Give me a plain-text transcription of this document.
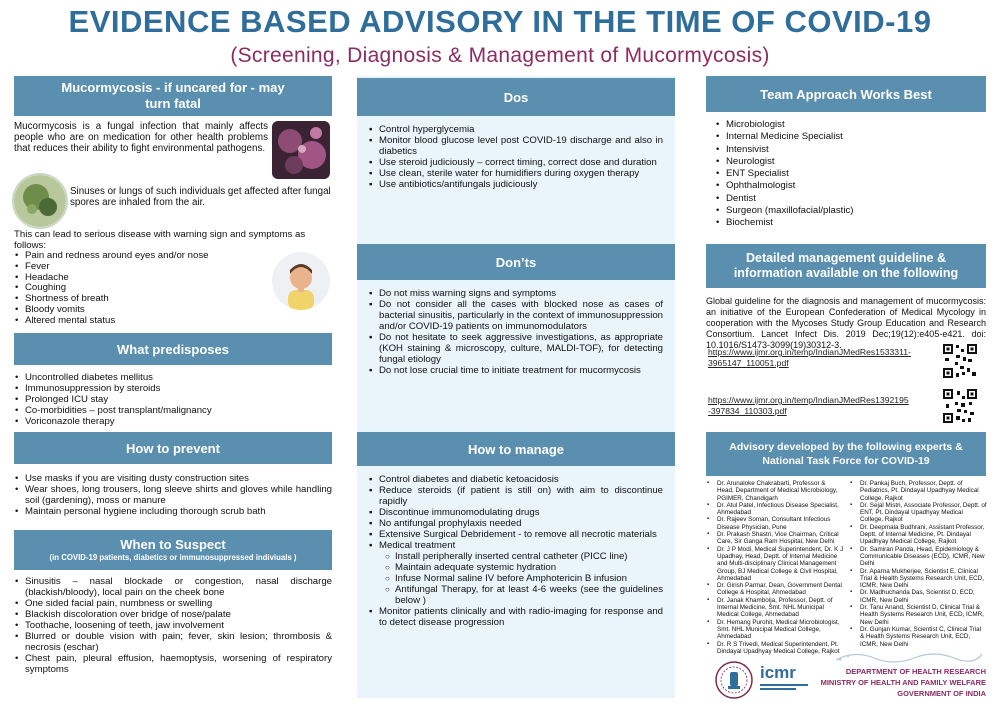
EVIDENCE BASED ADVISORY IN THE TIME OF COVID-19
(Screening, Diagnosis & Management of Mucormycosis)
Mucormycosis - if uncared for - may
turn fatal
Mucormycosis is a fungal infection that mainly affects people who are on medication for other health problems that reduces their ability to fight environmental pathogens.
Sinuses or lungs of such individuals get affected after fungal spores are inhaled from the air.
This can lead to serious disease with warning sign and symptoms as follows:
• Pain and redness around eyes and/or nose
• Fever
• Headache
• Coughing
• Shortness of breath
• Bloody vomits
• Altered mental status
What predisposes
• Uncontrolled diabetes mellitus
• Immunosuppression by steroids
• Prolonged ICU stay
• Co-morbidities – post transplant/malignancy
• Voriconazole therapy
How to prevent
• Use masks if you are visiting dusty construction sites
• Wear shoes, long trousers, long sleeve shirts and gloves while handling soil (gardening), moss or manure
• Maintain personal hygiene including thorough scrub bath
When to Suspect
(in COVID-19 patients, diabetics or immunosuppressed indiviuals )
• Sinusitis – nasal blockade or congestion, nasal discharge (blackish/bloody), local pain on the cheek bone
• One sided facial pain, numbness or swelling
• Blackish discoloration over bridge of nose/palate
• Toothache, loosening of teeth, jaw involvement
• Blurred or double vision with pain; fever, skin lesion; thrombosis & necrosis (eschar)
• Chest pain, pleural effusion, haemoptysis, worsening of respiratory symptoms
Dos
▪ Control hyperglycemia
▪ Monitor blood glucose level post COVID-19 discharge and also in diabetics
▪ Use steroid judiciously – correct timing, correct dose and duration
▪ Use clean, sterile water for humidifiers during oxygen therapy
▪ Use antibiotics/antifungals judiciously
Don’ts
▪ Do not miss warning signs and symptoms
▪ Do not consider all the cases with blocked nose as cases of bacterial sinusitis, particularly in the context of immunosuppression and/or COVID-19 patients on immunomodulators
▪ Do not hesitate to seek aggressive investigations, as appropriate (KOH staining & microscopy, culture, MALDI-TOF), for detecting fungal etiology
▪ Do not lose crucial time to initiate treatment for mucormycosis
How to manage
▪ Control diabetes and diabetic ketoacidosis
▪ Reduce steroids (if patient is still on) with aim to discontinue rapidly
▪ Discontinue immunomodulating drugs
▪ No antifungal prophylaxis needed
▪ Extensive Surgical Debridement - to remove all necrotic materials
▪ Medical treatment
○ Install peripherally inserted central catheter (PICC line)
○ Maintain adequate systemic hydration
○ Infuse Normal saline IV before Amphotericin B infusion
○ Antifungal Therapy, for at least 4-6 weeks (see the guidelines below )
▪ Monitor patients clinically and with radio-imaging for response and to detect disease progression
Team Approach Works Best
• Microbiologist
• Internal Medicine Specialist
• Intensivist
• Neurologist
• ENT Specialist
• Ophthalmologist
• Dentist
• Surgeon (maxillofacial/plastic)
• Biochemist
Detailed management guideline &
information available on the following
Global guideline for the diagnosis and management of mucormycosis: an initiative of the European Confederation of Medical Mycology in cooperation with the Mycoses Study Group Education and Research Consortium. Lancet Infect Dis. 2019 Dec;19(12):e405-e421. doi: 10.1016/S1473-3099(19)30312-3.
https://www.ijmr.org.in/temp/IndianJMedRes1533311-
3965147_110051.pdf
https://www.ijmr.org.in/temp/IndianJMedRes1392195
-397834_110303.pdf
Advisory developed by the following experts &
National Task Force for COVID-19
▪ Dr. Arunaloke Chakrabarti, Professor & Head, Department of Medical Microbiology, PGIMER, Chandigarh
▪ Dr. Atul Patel, Infectious Disease Specialist, Ahmedabad
▪ Dr. Rajeev Soman, Consultant Infectious Disease Physician, Pune
▪ Dr. Prakash Shastri, Vice Chairman, Critical Care, Sir Ganga Ram Hospital, New Delhi
▪ Dr. J P Modi, Medical Superintendent, Dr. K J Upadhay, Head, Deptt. of Internal Medicine and Multi-disciplinary Clinical Management Group, BJ Medical College & Civil Hospital, Ahmedabad
▪ Dr. Girish Parmar, Dean, Government Dental College & Hospital, Ahmedabad
▪ Dr. Janak Khambolja, Professor, Deptt. of Internal Medicine, Smt. NHL Municipal Medical College, Ahmedabad
▪ Dr. Hemang Purohit, Medical Microbiologist, Smt. NHL Municipal Medical College, Ahmedabad
▪ Dr. R S Trivedi, Medical Superintendent, Pt. Dindayal Upadhyay Medical College, Rajkot
▪ Dr. Pankaj Buch, Professor, Deptt. of Pediatrics, Pt. Dindayal Upadhyay Medical College, Rajkot
▪ Dr. Sejal Mistri, Associate Professor, Deptt. of ENT, Pt. Dindayal Upadhyay Medical College, Rajkot
▪ Dr. Deepmala Budhrani, Assistant Professor, Deptt. of Internal Medicine, Pt. Dindayal Upadhyay Medical College, Rajkot
▪ Dr. Samiran Panda, Head, Epidemiology & Communicable Diseases (ECD), ICMR, New Delhi
▪ Dr. Aparna Mukherjee, Scientist E, Clinical Trial & Health Systems Research Unit, ECD, ICMR, New Delhi
▪ Dr. Madhuchanda Das, Scientist D, ECD, ICMR, New Delhi
▪ Dr. Tanu Anand, Scientist D, Clinical Trial & Health Systems Research Unit, ECD, ICMR, New Delhi
▪ Dr. Gunjan Kumar, Scientist C, Clinical Trial & Health Systems Research Unit, ECD, ICMR, New Delhi
icmr	DEPARTMENT OF HEALTH RESEARCH
MINISTRY OF HEALTH AND FAMILY WELFARE
GOVERNMENT OF INDIA
